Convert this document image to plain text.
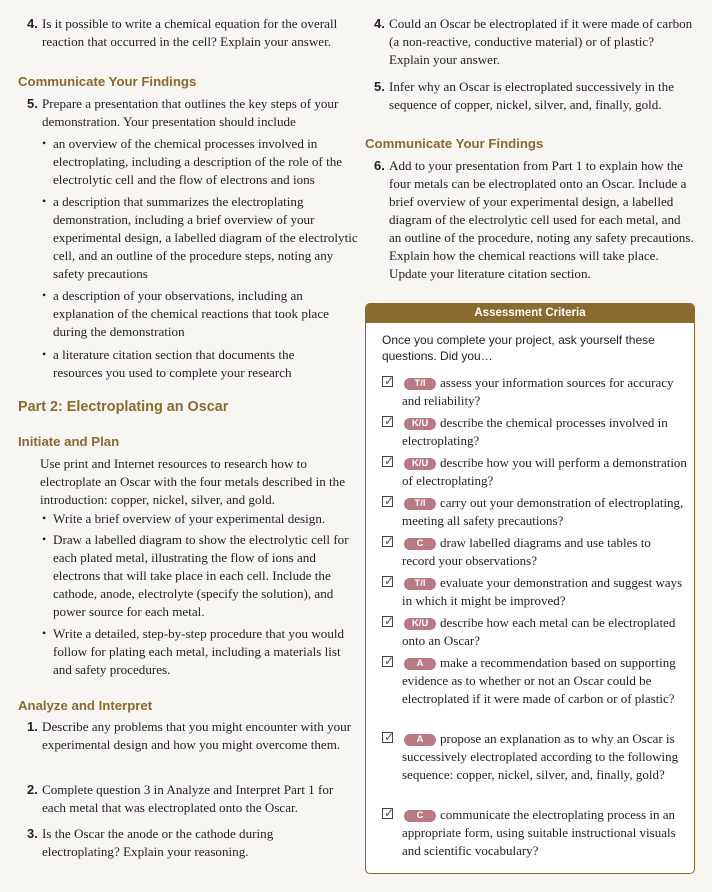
4. Is it possible to write a chemical equation for the overall reaction that occurred in the cell? Explain your answer.

Communicate Your Findings
5. Prepare a presentation that outlines the key steps of your demonstration. Your presentation should include

• an overview of the chemical processes involved in electroplating, including a description of the role of the electrolytic cell and the flow of electrons and ions

• a description that summarizes the electroplating demonstration, including a brief overview of your experimental design, a labelled diagram of the electrolytic cell, and an outline of the procedure steps, noting any safety precautions

• a description of your observations, including an explanation of the chemical reactions that took place during the demonstration

• a literature citation section that documents the resources you used to complete your research

Part 2: Electroplating an Oscar
Initiate and Plan

Use print and Internet resources to research how to electroplate an Oscar with the four metals described in the introduction: copper, nickel, silver, and gold.

• Write a brief overview of your experimental design.

• Draw a labelled diagram to show the electrolytic cell for each plated metal, illustrating the flow of ions and electrons that will take place in each cell. Include the cathode, anode, electrolyte (specify the solution), and power source for each metal.

• Write a detailed, step-by-step procedure that you would follow for plating each metal, including a materials list and safety procedures.

Analyze and Interpret
1. Describe any problems that you might encounter with your experimental design and how you might overcome them.

2. Complete question 3 in Analyze and Interpret Part 1 for each metal that was electroplated onto the Oscar.

3. Is the Oscar the anode or the cathode during electroplating? Explain your reasoning.

4. Could an Oscar be electroplated if it were made of carbon (a non-reactive, conductive material) or of plastic? Explain your answer.

5. Infer why an Oscar is electroplated successively in the sequence of copper, nickel, silver, and, finally, gold.

Communicate Your Findings
6. Add to your presentation from Part 1 to explain how the four metals can be electroplated onto an Oscar. Include a brief overview of your experimental design, a labelled diagram of the electrolytic cell used for each metal, and an outline of the procedure, noting any safety precautions. Explain how the chemical reactions will take place. Update your literature citation section.

Assessment Criteria
Once you complete your project, ask yourself these questions. Did you…
✓	T/I assess your information sources for accuracy and reliability?
✓	K/U describe the chemical processes involved in electroplating?
✓	K/U describe how you will perform a demonstration of electroplating?
✓	T/I carry out your demonstration of electroplating, meeting all safety precautions?
✓	C draw labelled diagrams and use tables to record your observations?
✓	T/I evaluate your demonstration and suggest ways in which it might be improved?
✓	K/U describe how each metal can be electroplated onto an Oscar?
✓	A make a recommendation based on supporting evidence as to whether or not an Oscar could be electroplated if it were made of carbon or of plastic?
✓	A propose an explanation as to why an Oscar is successively electroplated according to the following sequence: copper, nickel, silver, and, finally, gold?
✓	C communicate the electroplating process in an appropriate form, using suitable instructional visuals and scientific vocabulary?
